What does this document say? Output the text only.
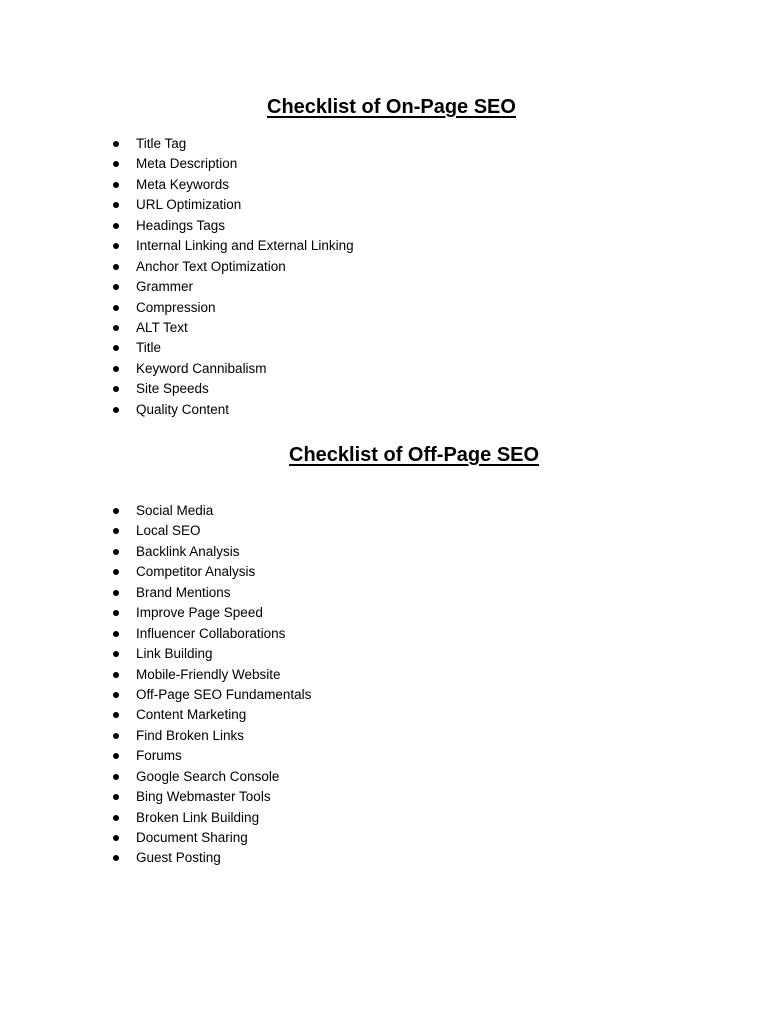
Checklist of On-Page SEO
Title Tag
Meta Description
Meta Keywords
URL Optimization
Headings Tags
Internal Linking and External Linking
Anchor Text Optimization
Grammer
Compression
ALT Text
Title
Keyword Cannibalism
Site Speeds
Quality Content
Checklist of Off-Page SEO
Social Media
Local SEO
Backlink Analysis
Competitor Analysis
Brand Mentions
Improve Page Speed
Influencer Collaborations
Link Building
Mobile-Friendly Website
Off-Page SEO Fundamentals
Content Marketing
Find Broken Links
Forums
Google Search Console
Bing Webmaster Tools
Broken Link Building
Document Sharing
Guest Posting
